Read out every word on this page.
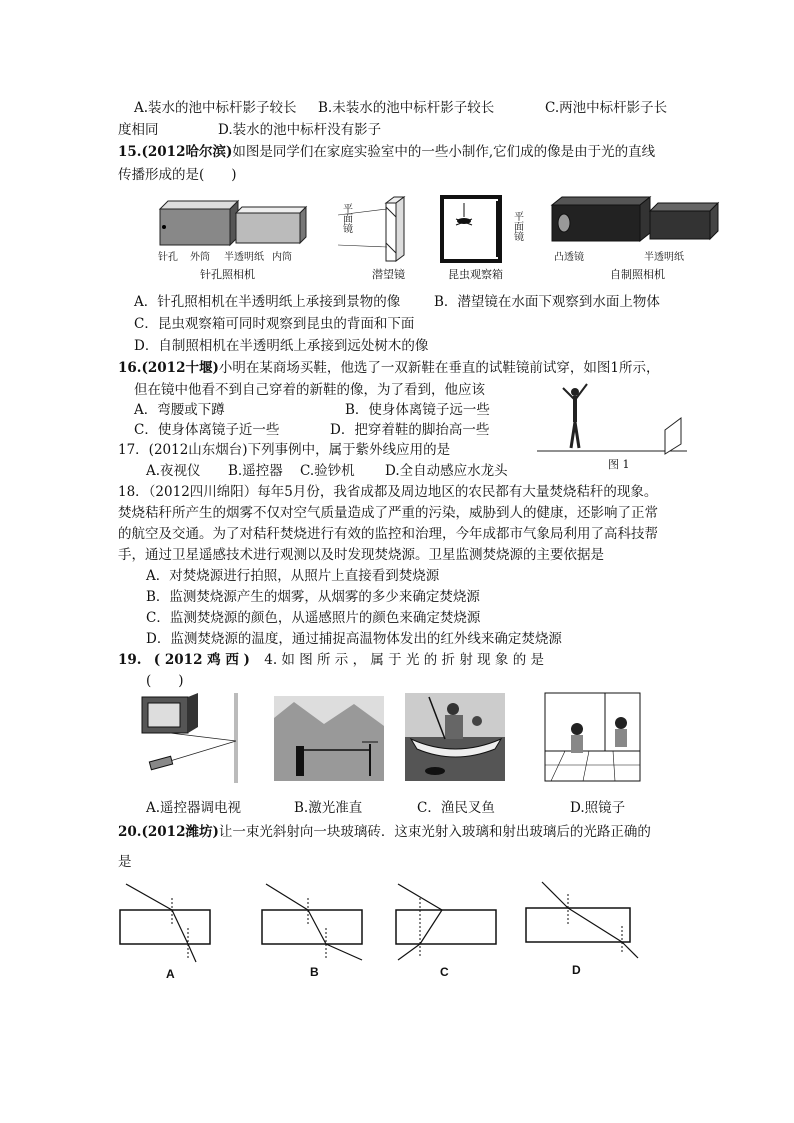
A.装水的池中标杆影子较长 B.未装水的池中标杆影子较长	C.两池中标杆影子长
度相同	D.装水的池中标杆没有影子
15.(2012哈尔滨)如图是同学们在家庭实验室中的一些小制作,它们成的像是由于光的直线
传播形成的是(　　)
针孔 外筒 半透明纸 内筒
针孔照相机
平面镜
潜望镜
平面镜
昆虫观察箱
凸透镜	半透明纸
自制照相机
A．针孔照相机在半透明纸上承接到景物的像	B．潜望镜在水面下观察到水面上物体
C．昆虫观察箱可同时观察到昆虫的背面和下面
D．自制照相机在半透明纸上承接到远处树木的像
16.(2012十堰)小明在某商场买鞋，他选了一双新鞋在垂直的试鞋镜前试穿，如图1所示，
但在镜中他看不到自己穿着的新鞋的像，为了看到，他应该
A．弯腰或下蹲	B．使身体离镜子远一些
C．使身体离镜子近一些	D．把穿着鞋的脚抬高一些
图 1
17．(2012山东烟台)下列事例中，属于紫外线应用的是
A.夜视仪 B.遥控器 C.验钞机 D.全自动感应水龙头
18．（2012四川绵阳）每年5月份，我省成都及周边地区的农民都有大量焚烧秸秆的现象。
焚烧秸秆所产生的烟雾不仅对空气质量造成了严重的污染，威胁到人的健康，还影响了正常
的航空及交通。为了对秸秆焚烧进行有效的监控和治理，今年成都市气象局利用了高科技帮
手，通过卫星遥感技术进行观测以及时发现焚烧源。卫星监测焚烧源的主要依据是
A．对焚烧源进行拍照，从照片上直接看到焚烧源
B．监测焚烧源产生的烟雾，从烟雾的多少来确定焚烧源
C．监测焚烧源的颜色，从遥感照片的颜色来确定焚烧源
D．监测焚烧源的温度，通过捕捉高温物体发出的红外线来确定焚烧源
19. ( 2012 鸡 西 ) 4. 如 图 所 示 ， 属 于 光 的 折 射 现 象 的 是
(　　)
A.遥控器调电视	B.激光准直	C．渔民叉鱼	D.照镜子
20.(2012潍坊)让一束光斜射向一块玻璃砖．这束光射入玻璃和射出玻璃后的光路正确的
是
A	B	C	D
